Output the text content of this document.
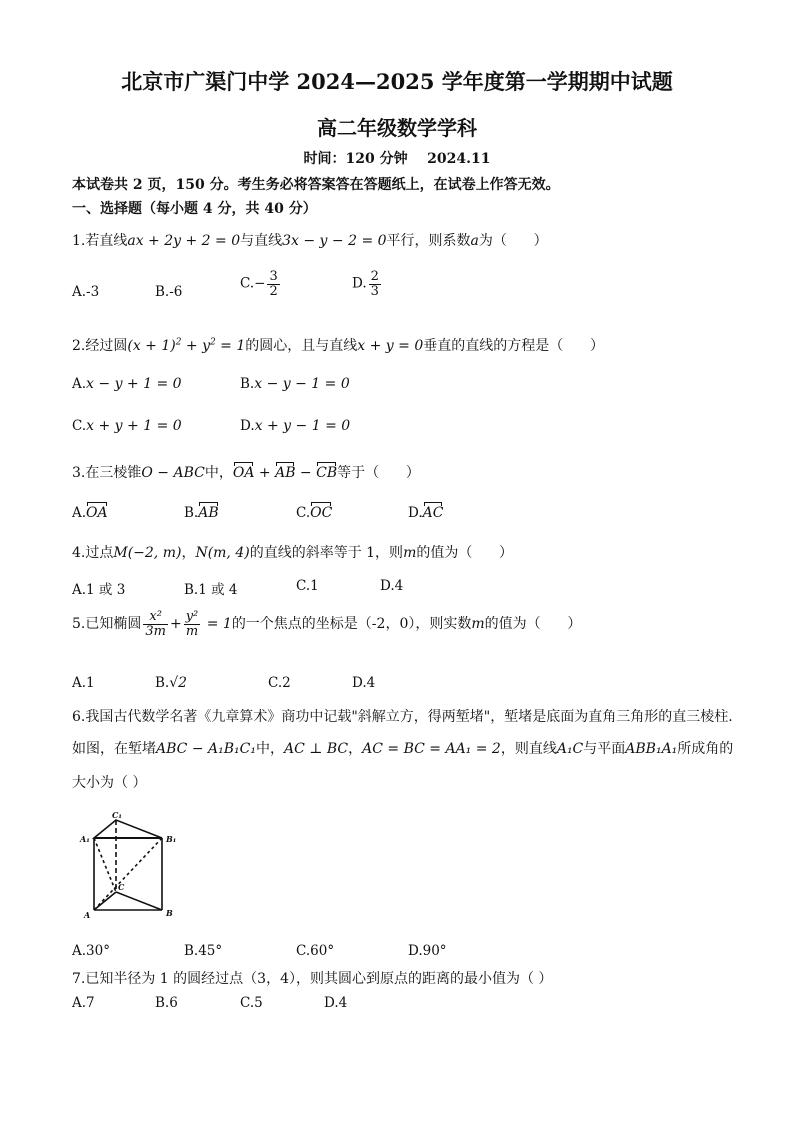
北京市广渠门中学 2024—2025 学年度第一学期期中试题
高二年级数学学科
时间：120 分钟    2024.11
本试卷共 2 页，150 分。考生务必将答案答在答题纸上，在试卷上作答无效。
一、选择题（每小题 4 分，共 40 分）
1.若直线ax + 2y + 2 = 0与直线3x − y − 2 = 0平行，则系数a为（      ）
A.-3	B.-6
$C.- \frac{3}{2}$	D. $\frac{2}{3}$
2.经过圆$(x + 1)^2 + y^2 = 1$的圆心，且与直线x + y = 0垂直的直线的方程是（      ）
A.x − y + 1 = 0	B.x − y − 1 = 0
C.x + y + 1 = 0	D.x + y − 1 = 0
3.在三棱锥O − ABC中，OA + AB − CB等于（      ）
A.OA	B.AB	C.OC	D.AC
4.过点M(−2, m)，N(m, 4)的直线的斜率等于 1，则m的值为（      ）
A.1 或 3	B.1 或 4	C.1	D.4
5.已知椭圆 $\frac{\text{x²}}{3m} + \frac{\text{y²}}{m} = 1$的一个焦点的坐标是（-2，0），则实数m的值为（      ）
A.1	B.√2	C.2	D.4
6.我国古代数学名著《九章算术》商功中记载"斜解立方，得两堑堵"，堑堵是底面为直角三角形的直三棱柱.
如图，在堑堵ABC − A₁B₁C₁中，AC ⊥ BC，AC = BC = AA₁ = 2，则直线A₁C与平面ABB₁A₁所成角的
大小为（ ）
A₁
C₁
B₁
A	B
C
A.30°	B.45°	C.60°	D.90°
7.已知半径为 1 的圆经过点（3，4），则其圆心到原点的距离的最小值为（ ）
A.7	B.6	C.5	D.4
